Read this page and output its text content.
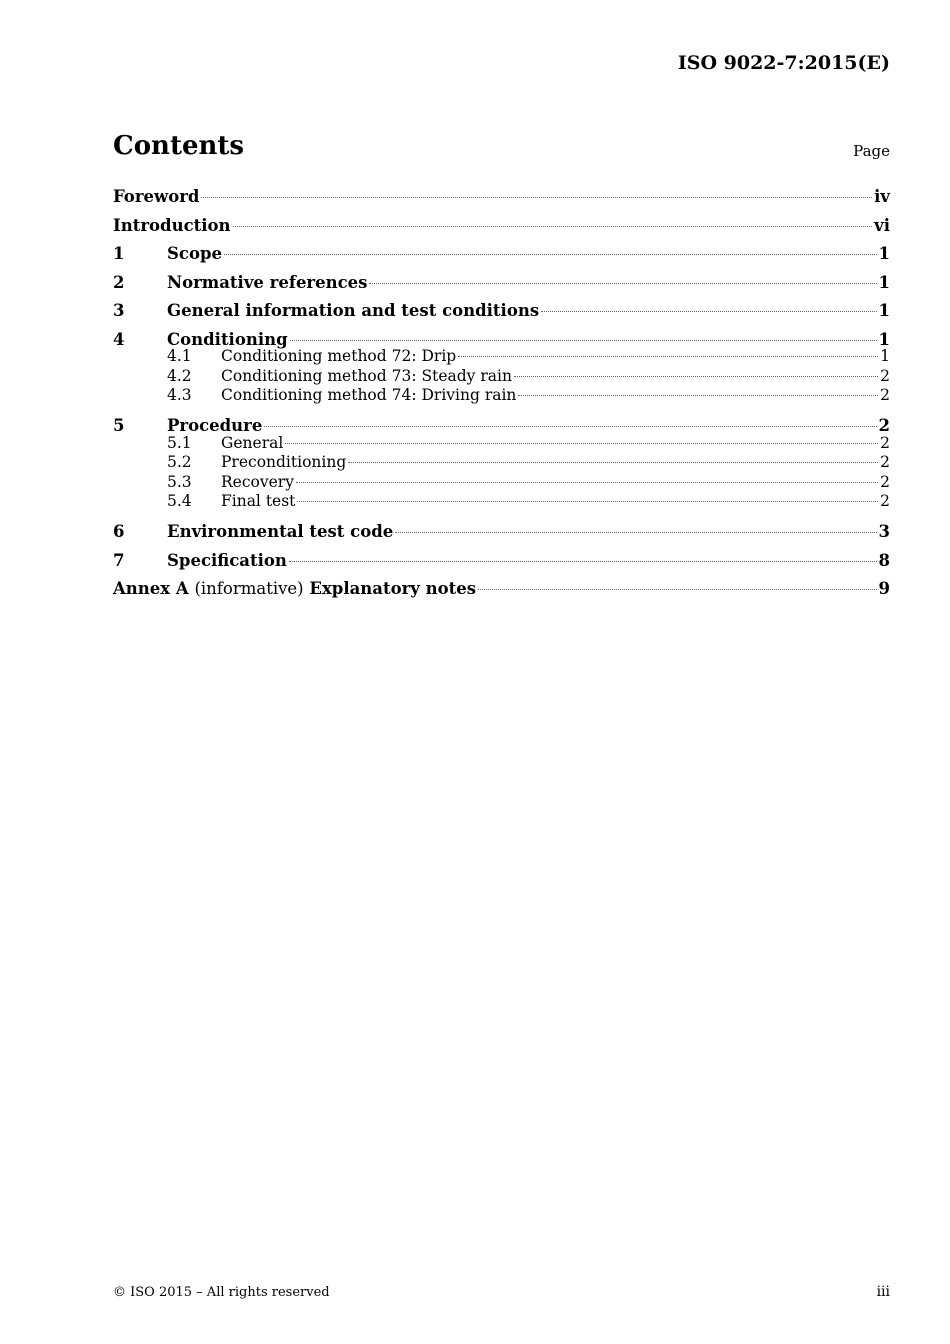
ISO 9022-7:2015(E)
Contents	Page
Foreword	iv
Introduction	vi
1	Scope	1
2	Normative references	1
3	General information and test conditions	1
4	Conditioning	1
4.1	Conditioning method 72: Drip	1
4.2	Conditioning method 73: Steady rain	2
4.3	Conditioning method 74: Driving rain	2
5	Procedure	2
5.1	General	2
5.2	Preconditioning	2
5.3	Recovery	2
5.4	Final test	2
6	Environmental test code	3
7	Specification	8
Annex A (informative) Explanatory notes	9
© ISO 2015 – All rights reserved	iii
